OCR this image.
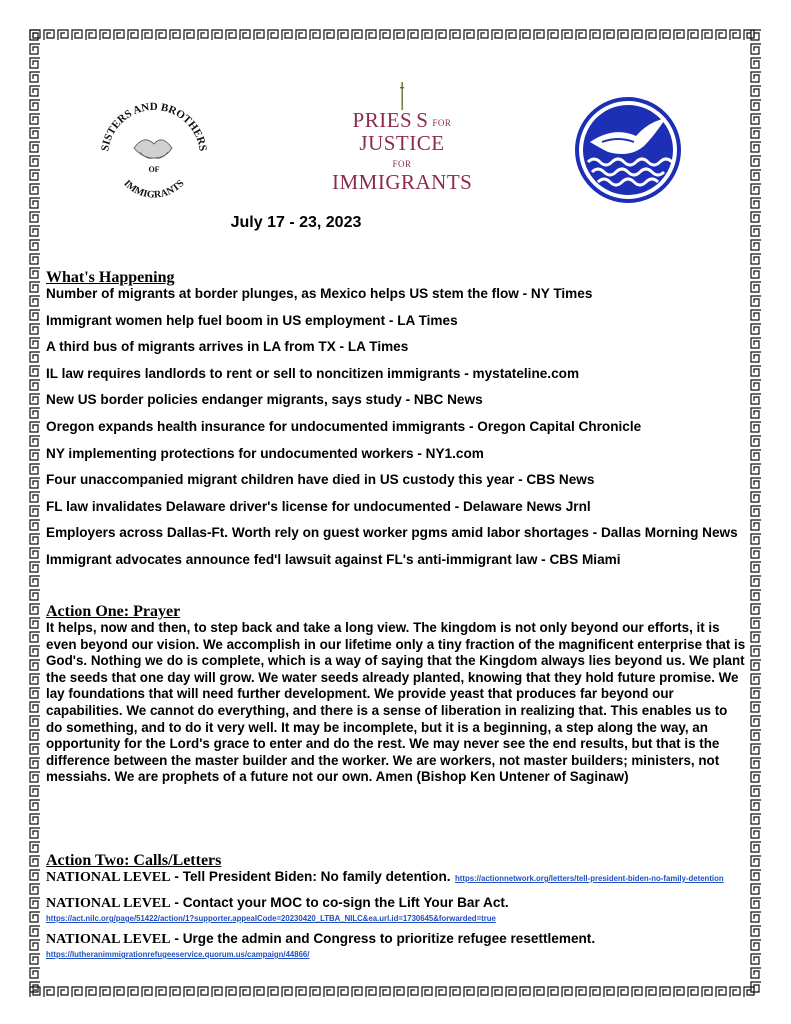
SISTERS AND BROTHERS
IMMIGRANTS
OF
PRIES S FOR
JUSTICE
FOR IMMIGRANTS
July 17 - 23, 2023
What's Happening
Number of migrants at border plunges, as Mexico helps US stem the flow - NY Times
Immigrant women help fuel boom in US employment - LA Times
A third bus of migrants arrives in LA from TX - LA Times
IL law requires landlords to rent or sell to noncitizen immigrants - mystateline.com
New US border policies endanger migrants, says study - NBC News
Oregon expands health insurance for undocumented immigrants - Oregon Capital Chronicle
NY implementing protections for undocumented workers - NY1.com
Four unaccompanied migrant children have died in US custody this year - CBS News
FL law invalidates Delaware driver's license for undocumented - Delaware News Jrnl
Employers across Dallas-Ft. Worth rely on guest worker pgms amid labor shortages - Dallas Morning News
Immigrant advocates announce fed'l lawsuit against FL's anti-immigrant law - CBS Miami
Action One: Prayer

It helps, now and then, to step back and take a long view. The kingdom is not only beyond our efforts, it is even beyond our vision. We accomplish in our lifetime only a tiny fraction of the magnificent enterprise that is God's. Nothing we do is complete, which is a way of saying that the Kingdom always lies beyond us. We plant the seeds that one day will grow. We water seeds already planted, knowing that they hold future promise. We lay foundations that will need further development. We provide yeast that produces far beyond our capabilities. We cannot do everything, and there is a sense of liberation in realizing that. This enables us to do something, and to do it very well. It may be incomplete, but it is a beginning, a step along the way, an opportunity for the Lord's grace to enter and do the rest. We may never see the end results, but that is the difference between the master builder and the worker. We are workers, not master builders; ministers, not messiahs. We are prophets of a future not our own. Amen (Bishop Ken Untener of Saginaw)

Action Two: Calls/Letters
NATIONAL LEVEL - Tell President Biden: No family detention. https://actionnetwork.org/letters/tell-president-biden-no-family-detention
NATIONAL LEVEL - Contact your MOC to co-sign the Lift Your Bar Act.
https://act.nilc.org/page/51422/action/1?supporter.appealCode=20230420_LTBA_NILC&ea.url.id=1730645&forwarded=true
NATIONAL LEVEL - Urge the admin and Congress to prioritize refugee resettlement.
https://lutheranimmigrationrefugeeservice.quorum.us/campaign/44866/
